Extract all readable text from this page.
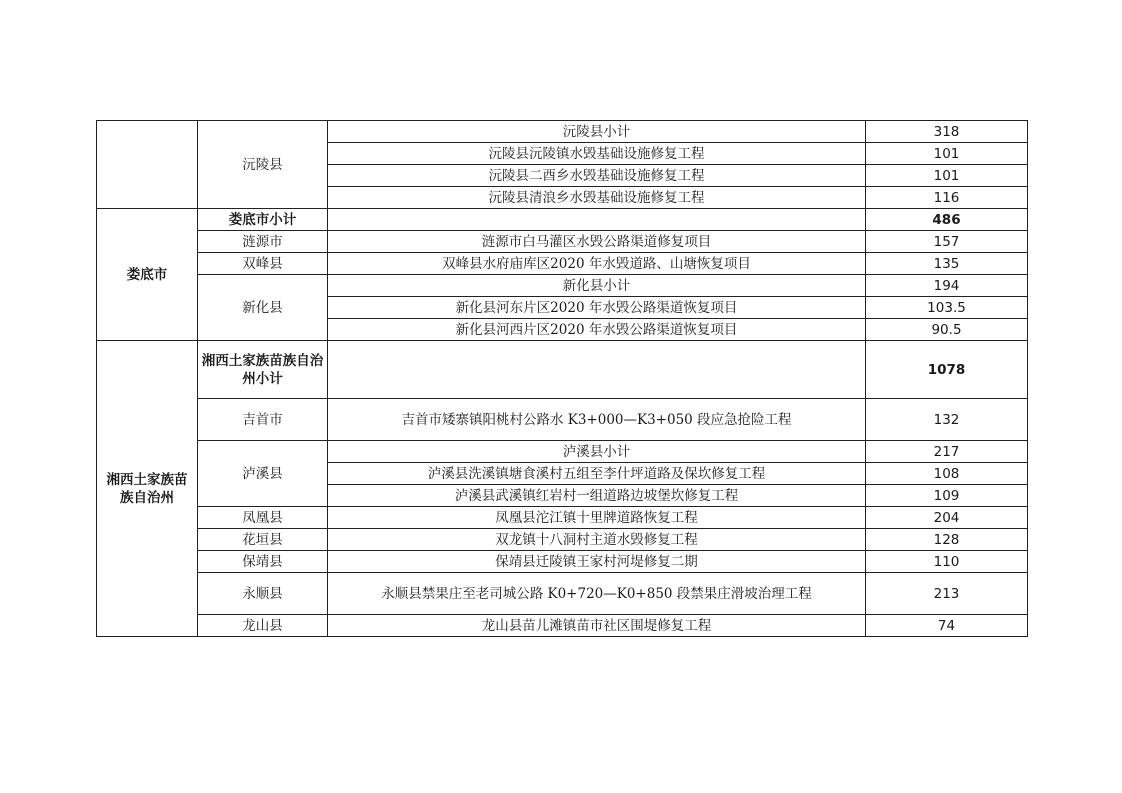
	沅陵县	沅陵县小计	318
		沅陵县沅陵镇水毁基础设施修复工程	101
		沅陵县二酉乡水毁基础设施修复工程	101
		沅陵县清浪乡水毁基础设施修复工程	116
娄底市	娄底市小计		486
	涟源市	涟源市白马灌区水毁公路渠道修复项目	157
	双峰县	双峰县水府庙库区2020 年水毁道路、山塘恢复项目	135
	新化县	新化县小计	194
		新化县河东片区2020 年水毁公路渠道恢复项目	103.5
		新化县河西片区2020 年水毁公路渠道恢复项目	90.5
湘西土家族苗族自治州	湘西土家族苗族自治州小计		1078
	吉首市	吉首市矮寨镇阳桃村公路水 K3+000—K3+050 段应急抢险工程	132
	泸溪县	泸溪县小计	217
		泸溪县洗溪镇塘食溪村五组至李什坪道路及保坎修复工程	108
		泸溪县武溪镇红岩村一组道路边坡堡坎修复工程	109
	凤凰县	凤凰县沱江镇十里牌道路恢复工程	204
	花垣县	双龙镇十八洞村主道水毁修复工程	128
	保靖县	保靖县迁陵镇王家村河堤修复二期	110
	永顺县	永顺县禁果庄至老司城公路 K0+720—K0+850 段禁果庄滑坡治理工程	213
	龙山县	龙山县苗儿滩镇苗市社区围堤修复工程	74
